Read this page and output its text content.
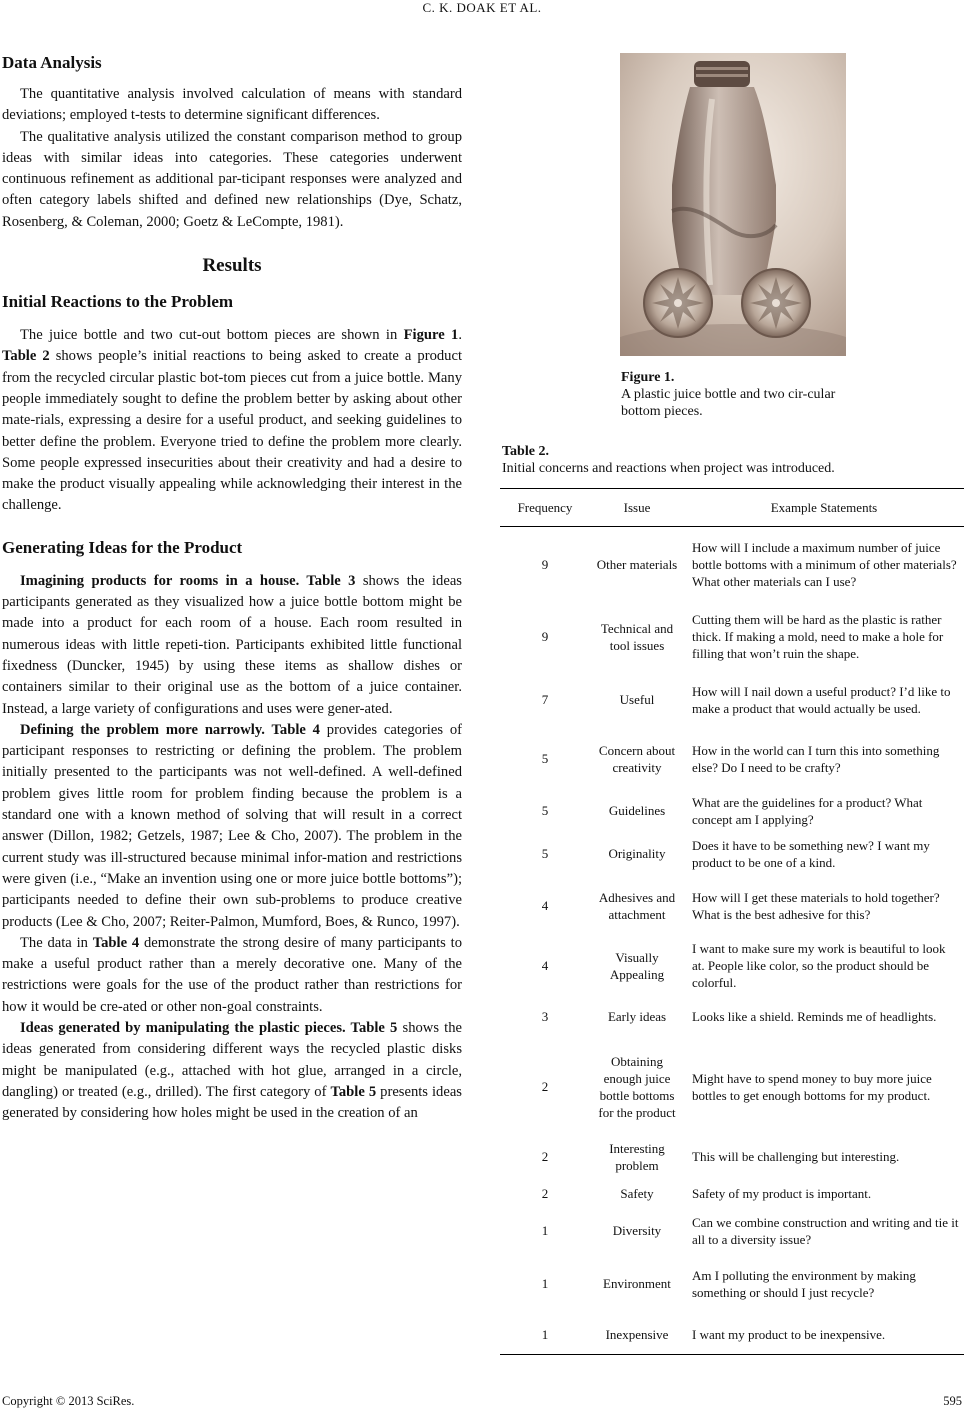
C. K. DOAK ET AL.
Data Analysis

The quantitative analysis involved calculation of means with standard deviations; employed t-tests to determine significant differences.

The qualitative analysis utilized the constant comparison method to group ideas with similar ideas into categories. These categories underwent continuous refinement as additional par-ticipant responses were analyzed and often category labels shifted and defined new relationships (Dye, Schatz, Rosenberg, & Coleman, 2000; Goetz & LeCompte, 1981).

Results
Initial Reactions to the Problem

The juice bottle and two cut-out bottom pieces are shown in Figure 1. Table 2 shows people’s initial reactions to being asked to create a product from the recycled circular plastic bot-tom pieces cut from a juice bottle. Many people immediately sought to define the problem better by asking about other mate-rials, expressing a desire for a useful product, and seeking guidelines to better define the problem. Everyone tried to define the problem more clearly. Some people expressed insecurities about their creativity and had a desire to make the product visually appealing while acknowledging their interest in the challenge.

Generating Ideas for the Product

Imagining products for rooms in a house. Table 3 shows the ideas participants generated as they visualized how a juice bottle bottom might be made into a product for each room of a house. Each room resulted in numerous ideas with little repeti-tion. Participants exhibited little functional fixedness (Duncker, 1945) by using these items as shallow dishes or containers similar to their original use as the bottom of a juice container. Instead, a large variety of configurations and uses were gener-ated.

Defining the problem more narrowly. Table 4 provides categories of participant responses to restricting or defining the problem. The problem initially presented to the participants was not well-defined. A well-defined problem gives little room for problem finding because the problem is a standard one with a known method of solving that will result in a correct answer (Dillon, 1982; Getzels, 1987; Lee & Cho, 2007). The problem in the current study was ill-structured because minimal infor-mation and restrictions were given (i.e., “Make an invention using one or more juice bottle bottoms”); participants needed to define their own sub-problems to produce creative products (Lee & Cho, 2007; Reiter-Palmon, Mumford, Boes, & Runco, 1997).

The data in Table 4 demonstrate the strong desire of many participants to make a useful product rather than a merely decorative one. Many of the restrictions were goals for the use of the product rather than restrictions for how it would be cre-ated or other non-goal constraints.

Ideas generated by manipulating the plastic pieces. Table 5 shows the ideas generated from considering different ways the recycled plastic disks might be manipulated (e.g., attached with hot glue, arranged in a circle, dangling) or treated (e.g., drilled). The first category of Table 5 presents ideas generated by considering how holes might be used in the creation of an

Figure 1.
A plastic juice bottle and two cir-cular bottom pieces.
Table 2.
Initial concerns and reactions when project was introduced.
Frequency	Issue	Example Statements
9	Other materials	How will I include a maximum number of juice bottle bottoms with a minimum of other materials? What other materials can I use?
9	Technical and tool issues	Cutting them will be hard as the plastic is rather thick. If making a mold, need to make a hole for filling that won’t ruin the shape.
7	Useful	How will I nail down a useful product? I’d like to make a product that would actually be used.
5	Concern about creativity	How in the world can I turn this into something else? Do I need to be crafty?
5	Guidelines	What are the guidelines for a product? What concept am I applying?
5	Originality	Does it have to be something new? I want my product to be one of a kind.
4	Adhesives and attachment	How will I get these materials to hold together? What is the best adhesive for this?
4	Visually Appealing	I want to make sure my work is beautiful to look at. People like color, so the product should be colorful.
3	Early ideas	Looks like a shield. Reminds me of headlights.
2	Obtaining enough juice bottle bottoms for the product	Might have to spend money to buy more juice bottles to get enough bottoms for my product.
2	Interesting problem	This will be challenging but interesting.
2	Safety	Safety of my product is important.
1	Diversity	Can we combine construction and writing and tie it all to a diversity issue?
1	Environment	Am I polluting the environment by making something or should I just recycle?
1	Inexpensive	I want my product to be inexpensive.
Copyright © 2013 SciRes.	595
